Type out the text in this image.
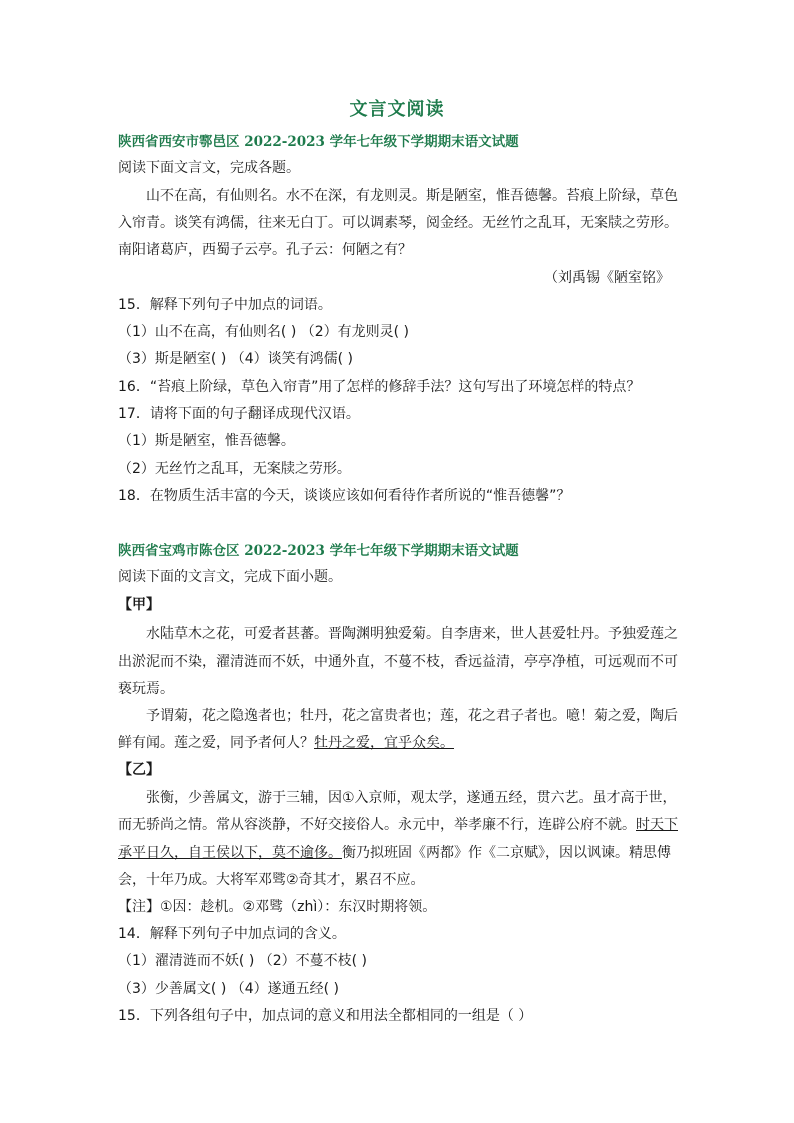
文言文阅读
陕西省西安市鄠邑区 2022-2023 学年七年级下学期期末语文试题
阅读下面文言文，完成各题。
山不在高，有仙则名。水不在深，有龙则灵。斯是陋室，惟吾德馨。苔痕上阶绿，草色
入帘青。谈笑有鸿儒，往来无白丁。可以调素琴，阅金经。无丝竹之乱耳，无案牍之劳形。
南阳诸葛庐，西蜀子云亭。孔子云：何陋之有？
（刘禹锡《陋室铭》
15．解释下列句子中加点的词语。
（1）山不在高，有仙则名( ) （2）有龙则灵( )
（3）斯是陋室( ) （4）谈笑有鸿儒( )
16．“苔痕上阶绿，草色入帘青”用了怎样的修辞手法？这句写出了环境怎样的特点？
17．请将下面的句子翻译成现代汉语。
（1）斯是陋室，惟吾德馨。
（2）无丝竹之乱耳，无案牍之劳形。
18．在物质生活丰富的今天，谈谈应该如何看待作者所说的“惟吾德馨”？
陕西省宝鸡市陈仓区 2022-2023 学年七年级下学期期末语文试题
阅读下面的文言文，完成下面小题。
【甲】
水陆草木之花，可爱者甚蕃。晋陶渊明独爱菊。自李唐来，世人甚爱牡丹。予独爱莲之
出淤泥而不染，濯清涟而不妖，中通外直，不蔓不枝，香远益清，亭亭净植，可远观而不可
亵玩焉。
予谓菊，花之隐逸者也；牡丹，花之富贵者也；莲，花之君子者也。噫！菊之爱，陶后
鲜有闻。莲之爱，同予者何人？牡丹之爱，宜乎众矣。
【乙】
张衡，少善属文，游于三辅，因①入京师，观太学，遂通五经，贯六艺。虽才高于世，
而无骄尚之情。常从容淡静，不好交接俗人。永元中，举孝廉不行，连辟公府不就。时天下
承平日久，自王侯以下，莫不逾侈。衡乃拟班固《两都》作《二京赋》，因以讽谏。精思傅
会，十年乃成。大将军邓骘②奇其才，累召不应。
【注】①因：趁机。②邓骘（zhì）：东汉时期将领。
14．解释下列句子中加点词的含义。
（1）濯清涟而不妖( ) （2）不蔓不枝( )
（3）少善属文( ) （4）遂通五经( )
15．下列各组句子中，加点词的意义和用法全都相同的一组是（ ）
